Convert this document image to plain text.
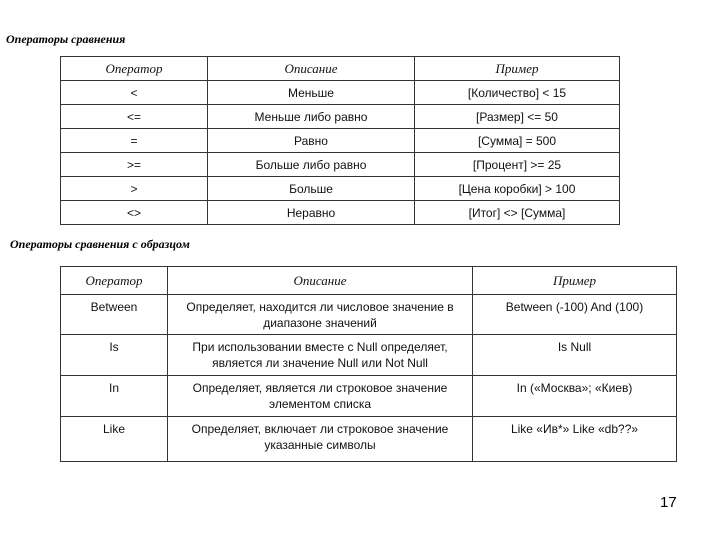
Операторы сравнения
Оператор	Описание	Пример
<	Меньше	[Количество] < 15
<=	Меньше либо равно	[Размер] <= 50
=	Равно	[Сумма] = 500
>=	Больше либо равно	[Процент] >= 25
>	Больше	[Цена коробки] > 100
<>	Неравно	[Итог] <> [Сумма]
Операторы сравнения с образцом
Оператор	Описание	Пример
Between	Определяет, находится ли числовое значение в диапазоне значений	Between (-100) And (100)
Is	При использовании вместе с Null определяет, является ли значение Null или Not Null	Is Null
In	Определяет, является ли строковое значение элементом списка	In («Москва»; «Киев)
Like	Определяет, включает ли строковое значение указанные символы	Like «Ив*» Like «db??»
17
